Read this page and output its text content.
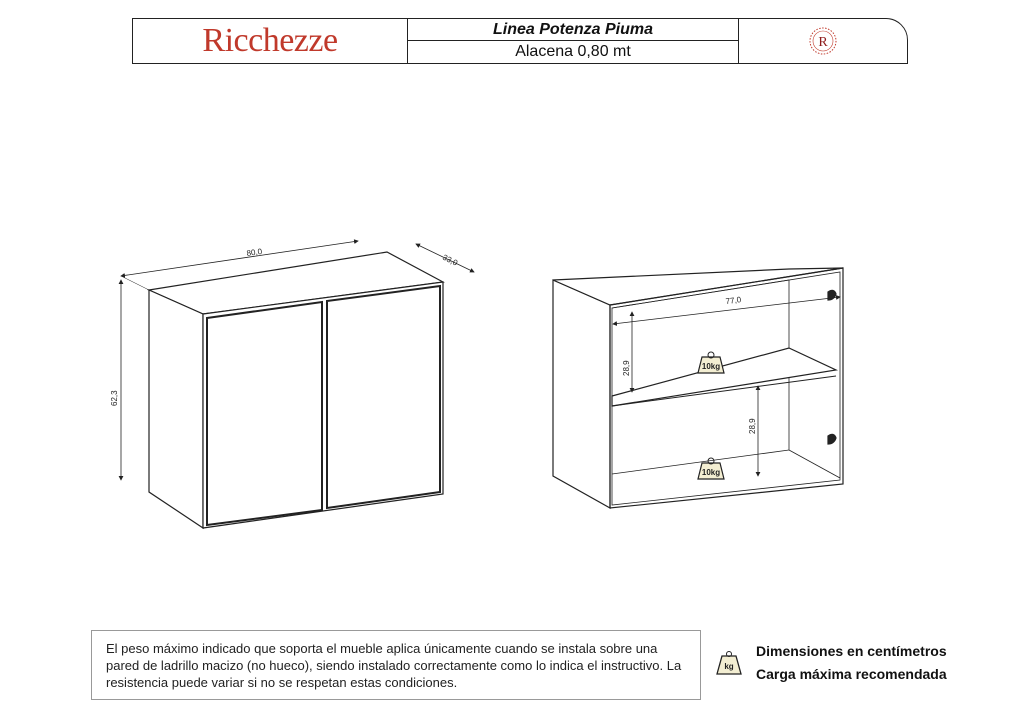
Ricchezze	Linea Potenza Piuma
Alacena 0,80 mt
R
80,0
33,0
62,3
77,0
28,9
28,9
10kg
10kg
El peso máximo indicado que soporta el mueble aplica únicamente cuando se instala sobre una pared de ladrillo macizo (no hueco), siendo instalado correctamente como lo indica el instructivo. La resistencia puede variar si no se respetan estas condiciones.
kg
Dimensiones en centímetros
Carga máxima recomendada
